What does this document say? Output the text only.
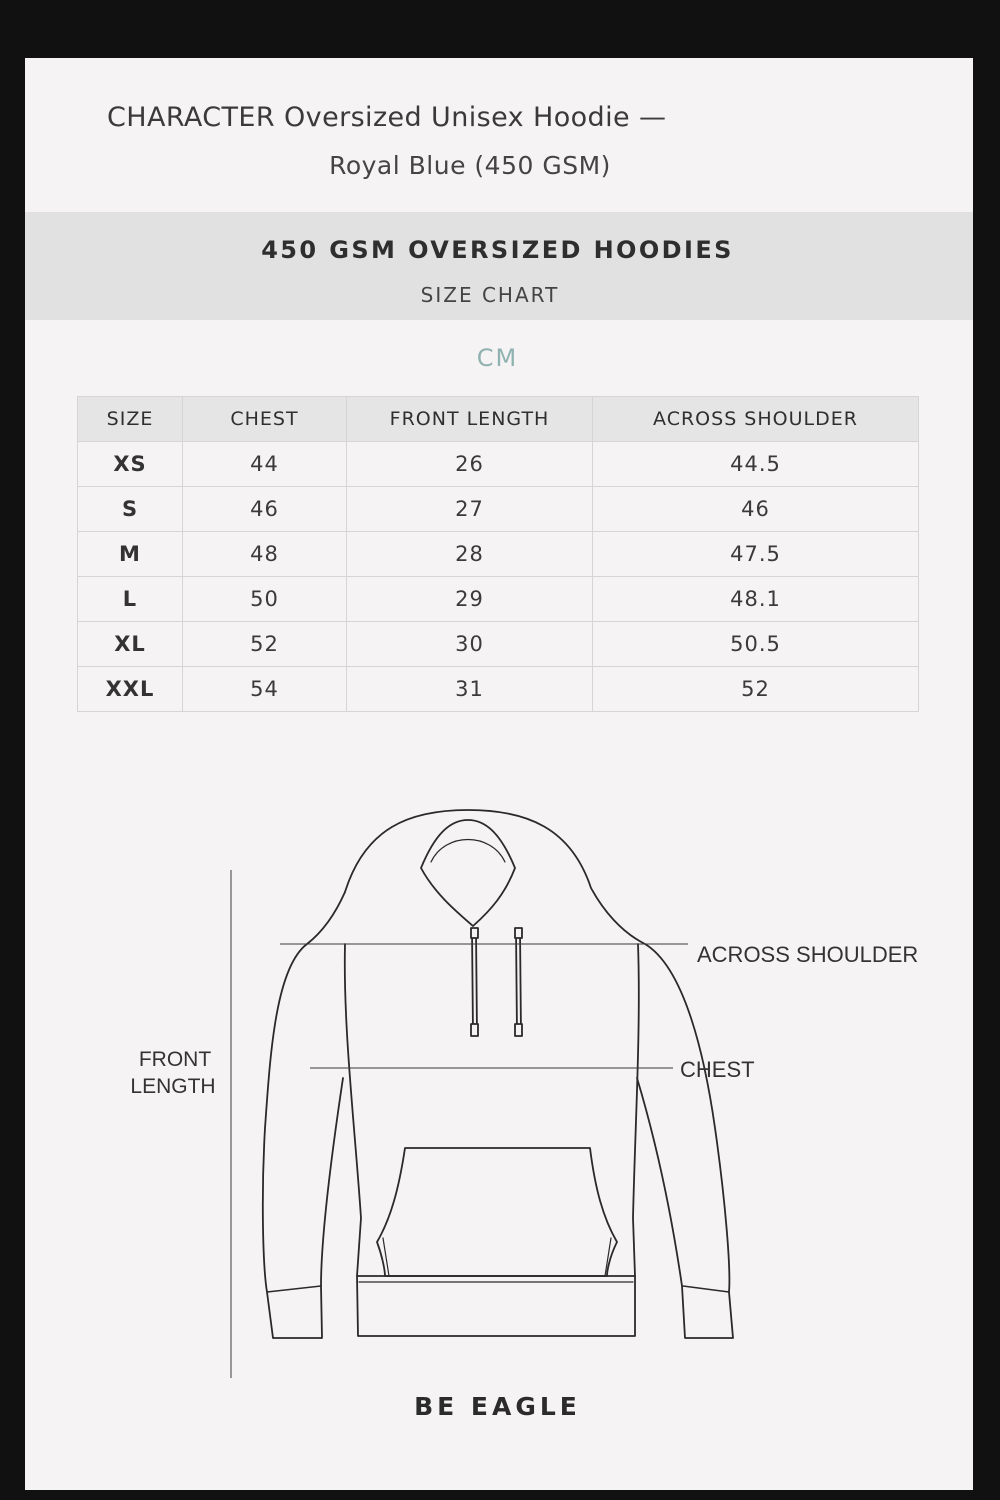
CHARACTER Oversized Unisex Hoodie —
Royal Blue (450 GSM)
450 GSM OVERSIZED HOODIES
SIZE CHART
CM
SIZE	CHEST	FRONT LENGTH	ACROSS SHOULDER
XS	44	26	44.5
S	46	27	46
M	48	28	47.5
L	50	29	48.1
XL	52	30	50.5
XXL	54	31	52
ACROSS SHOULDER
CHEST
FRONT
LENGTH
BE EAGLE
